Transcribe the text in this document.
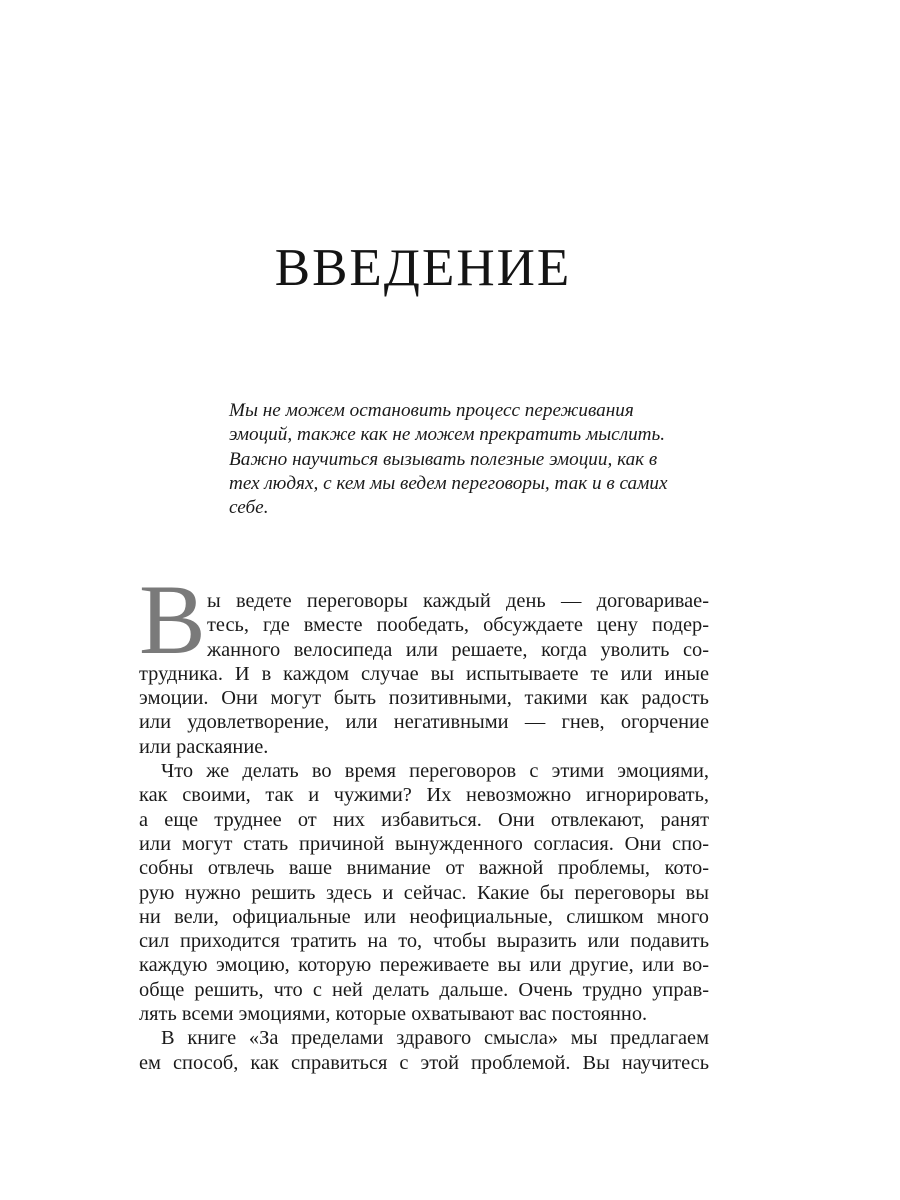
ВВЕДЕНИЕ
Мы не можем остановить процесс переживания
эмоций, также как не можем прекратить мыслить.
Важно научиться вызывать полезные эмоции, как в
тех людях, с кем мы ведем переговоры, так и в самих
себе.
В ы ведете переговоры каждый день — договаривае-
тесь, где вместе пообедать, обсуждаете цену подер-
жанного велосипеда или решаете, когда уволить со-
трудника. И в каждом случае вы испытываете те или иные
эмоции. Они могут быть позитивными, такими как радость
или удовлетворение, или негативными — гнев, огорчение
или раскаяние.
Что же делать во время переговоров с этими эмоциями,
как своими, так и чужими? Их невозможно игнорировать,
а еще труднее от них избавиться. Они отвлекают, ранят
или могут стать причиной вынужденного согласия. Они спо-
собны отвлечь ваше внимание от важной проблемы, кото-
рую нужно решить здесь и сейчас. Какие бы переговоры вы
ни вели, официальные или неофициальные, слишком много
сил приходится тратить на то, чтобы выразить или подавить
каждую эмоцию, которую переживаете вы или другие, или во-
обще решить, что с ней делать дальше. Очень трудно управ-
лять всеми эмоциями, которые охватывают вас постоянно.
В книге «За пределами здравого смысла» мы предлагаем
ем способ, как справиться с этой проблемой. Вы научитесь
